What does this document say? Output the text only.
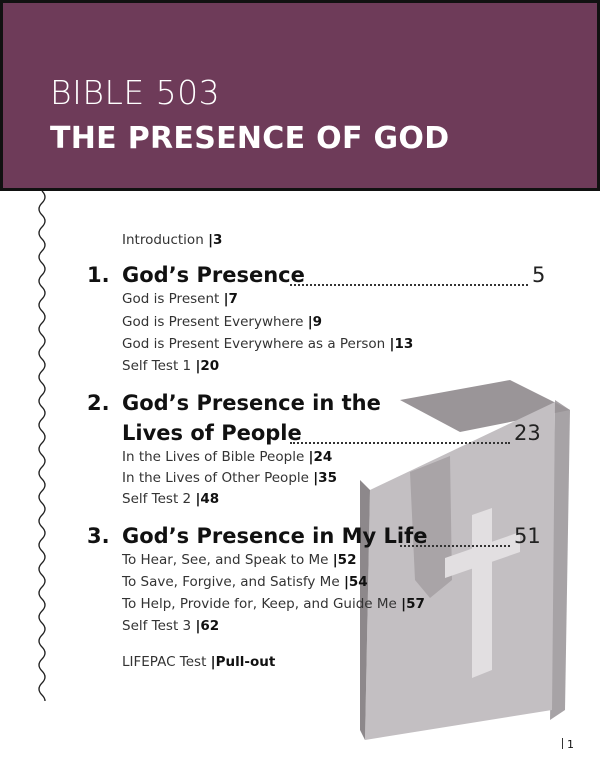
BIBLE 503
THE PRESENCE OF GOD
Introduction |3
1. God’s Presence	5
God is Present |7
God is Present Everywhere |9
God is Present Everywhere as a Person |13
Self Test 1 |20
2. God’s Presence in the
Lives of People	23
In the Lives of Bible People |24
In the Lives of Other People |35
Self Test 2 |48
3. God’s Presence in My Life	51
To Hear, See, and Speak to Me |52
To Save, Forgive, and Satisfy Me |54
To Help, Provide for, Keep, and Guide Me |57
Self Test 3 |62
LIFEPAC Test |Pull-out
1
